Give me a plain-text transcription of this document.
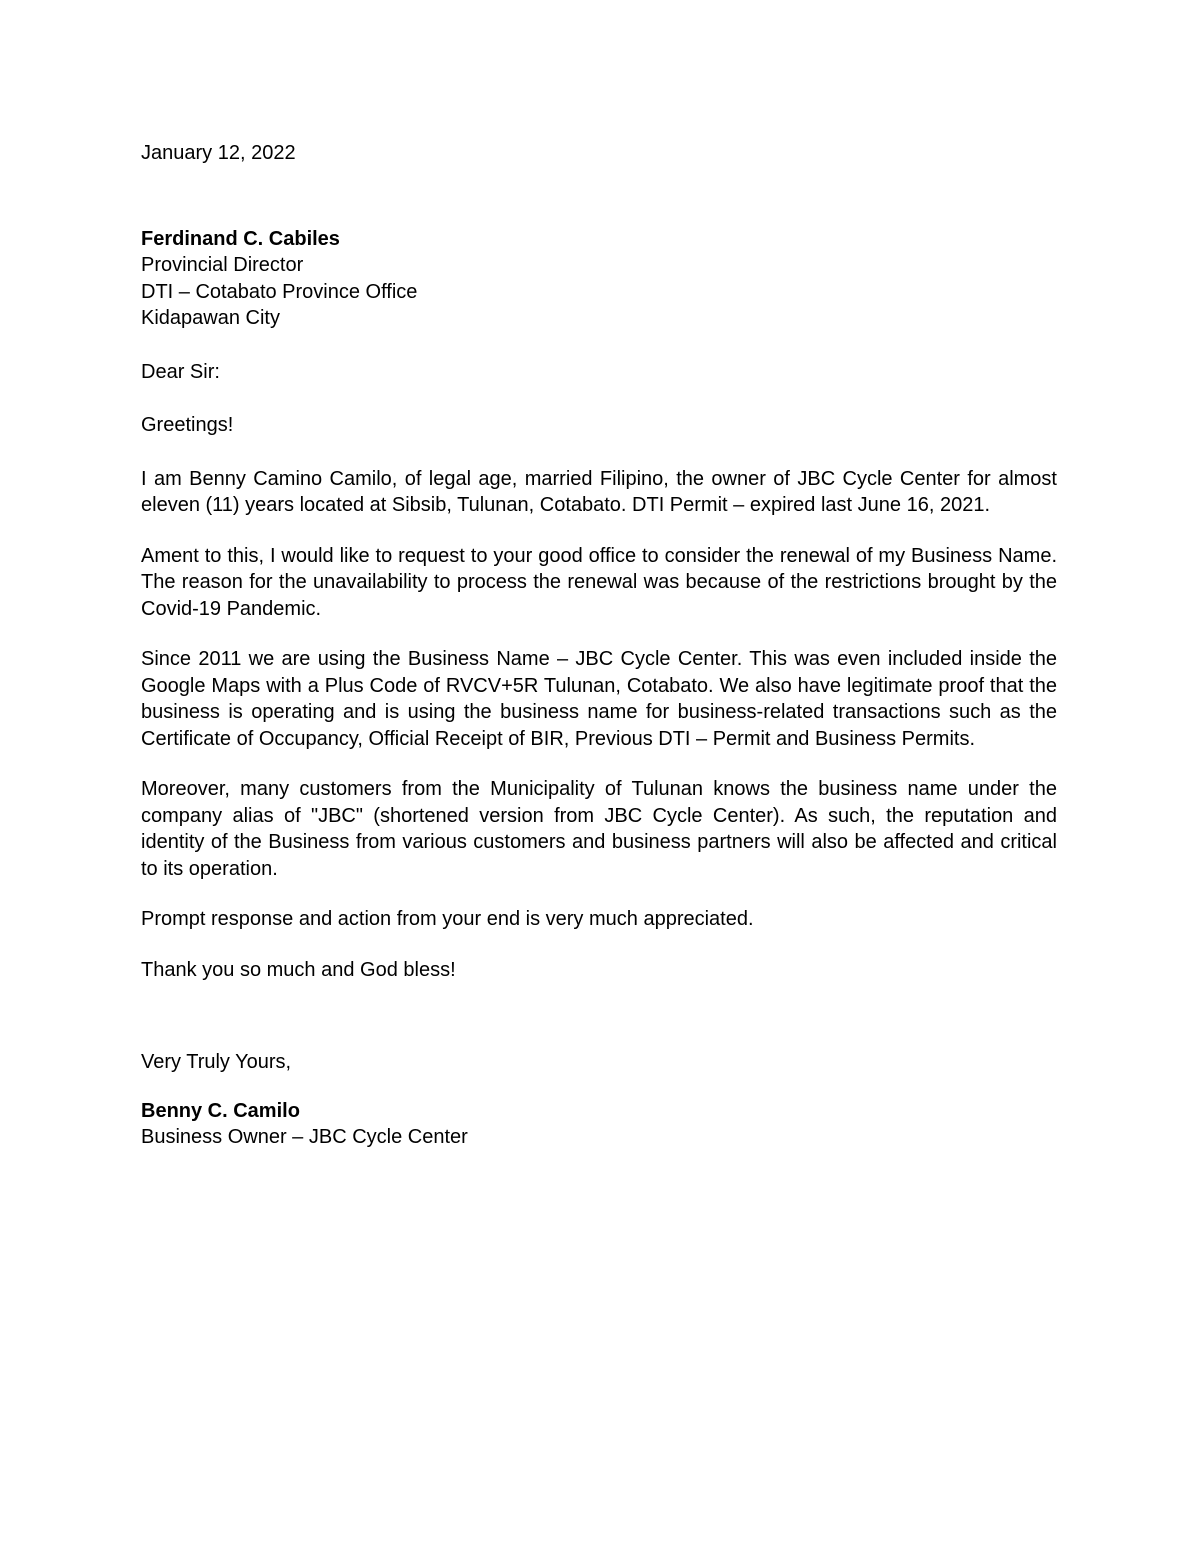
January 12, 2022

Ferdinand C. Cabiles
Provincial Director
DTI – Cotabato Province Office
Kidapawan City

Dear Sir:

Greetings!

I am Benny Camino Camilo, of legal age, married Filipino, the owner of JBC Cycle Center for almost eleven (11) years located at Sibsib, Tulunan, Cotabato. DTI Permit – expired last June 16, 2021.

Ament to this, I would like to request to your good office to consider the renewal of my Business Name. The reason for the unavailability to process the renewal was because of the restrictions brought by the Covid-19 Pandemic.

Since 2011 we are using the Business Name – JBC Cycle Center. This was even included inside the Google Maps with a Plus Code of RVCV+5R Tulunan, Cotabato. We also have legitimate proof that the business is operating and is using the business name for business-related transactions such as the Certificate of Occupancy, Official Receipt of BIR, Previous DTI – Permit and Business Permits.

Moreover, many customers from the Municipality of Tulunan knows the business name under the company alias of "JBC" (shortened version from JBC Cycle Center). As such, the reputation and identity of the Business from various customers and business partners will also be affected and critical to its operation.

Prompt response and action from your end is very much appreciated.

Thank you so much and God bless!

Very Truly Yours,

Benny C. Camilo
Business Owner – JBC Cycle Center
